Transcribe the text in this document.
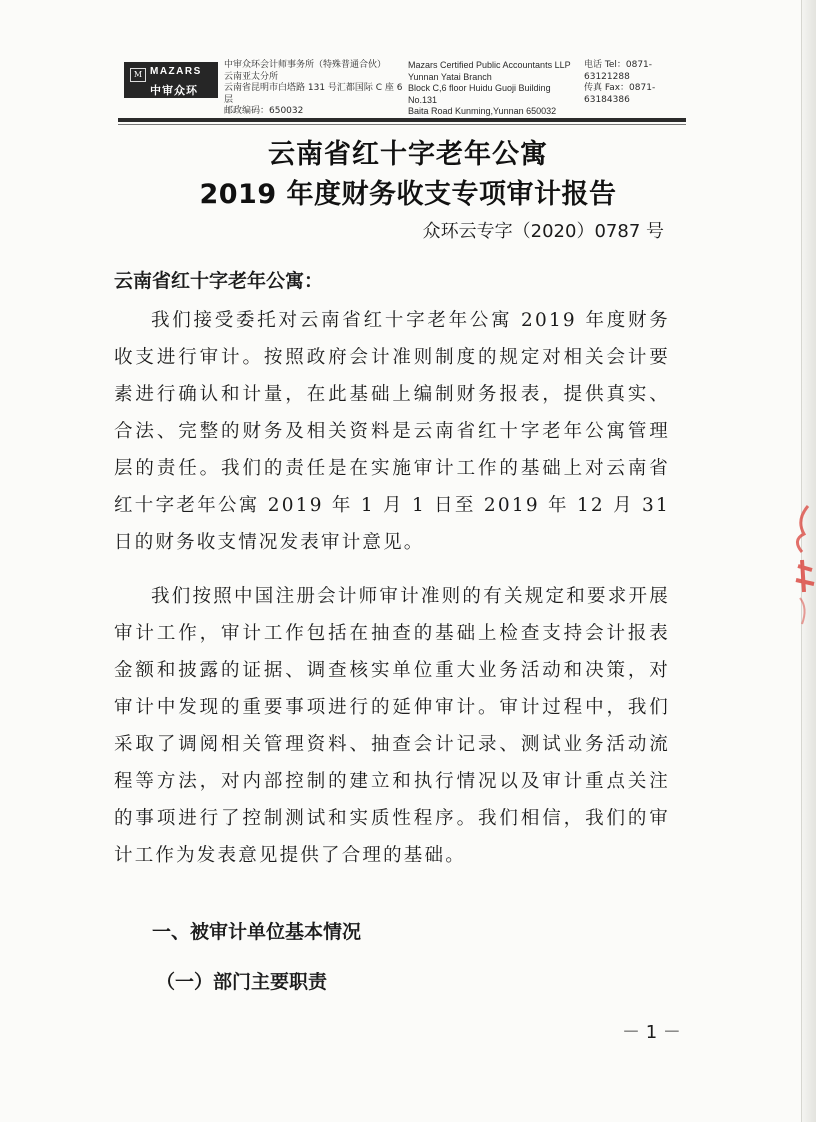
M MAZARS
中审众环
中审众环会计师事务所（特殊普通合伙）
云南亚太分所
云南省昆明市白塔路 131 号汇都国际 C 座 6 层
邮政编码：650032
Mazars Certified Public Accountants LLP
Yunnan Yatai Branch
Block C,6 floor Huidu Guoji Building No.131
Baita Road Kunming,Yunnan 650032
电话 Tel：0871-63121288
传真 Fax：0871-63184386
云南省红十字老年公寓
2019 年度财务收支专项审计报告
众环云专字（2020）0787 号
云南省红十字老年公寓：

我们接受委托对云南省红十字老年公寓 2019 年度财务收支进行审计。按照政府会计准则制度的规定对相关会计要素进行确认和计量，在此基础上编制财务报表，提供真实、合法、完整的财务及相关资料是云南省红十字老年公寓管理层的责任。我们的责任是在实施审计工作的基础上对云南省红十字老年公寓 2019 年 1 月 1 日至 2019 年 12 月 31 日的财务收支情况发表审计意见。

我们按照中国注册会计师审计准则的有关规定和要求开展审计工作，审计工作包括在抽查的基础上检查支持会计报表金额和披露的证据、调查核实单位重大业务活动和决策，对审计中发现的重要事项进行的延伸审计。审计过程中，我们采取了调阅相关管理资料、抽查会计记录、测试业务活动流程等方法，对内部控制的建立和执行情况以及审计重点关注的事项进行了控制测试和实质性程序。我们相信，我们的审计工作为发表意见提供了合理的基础。

一、被审计单位基本情况
（一）部门主要职责
－ 1 －
